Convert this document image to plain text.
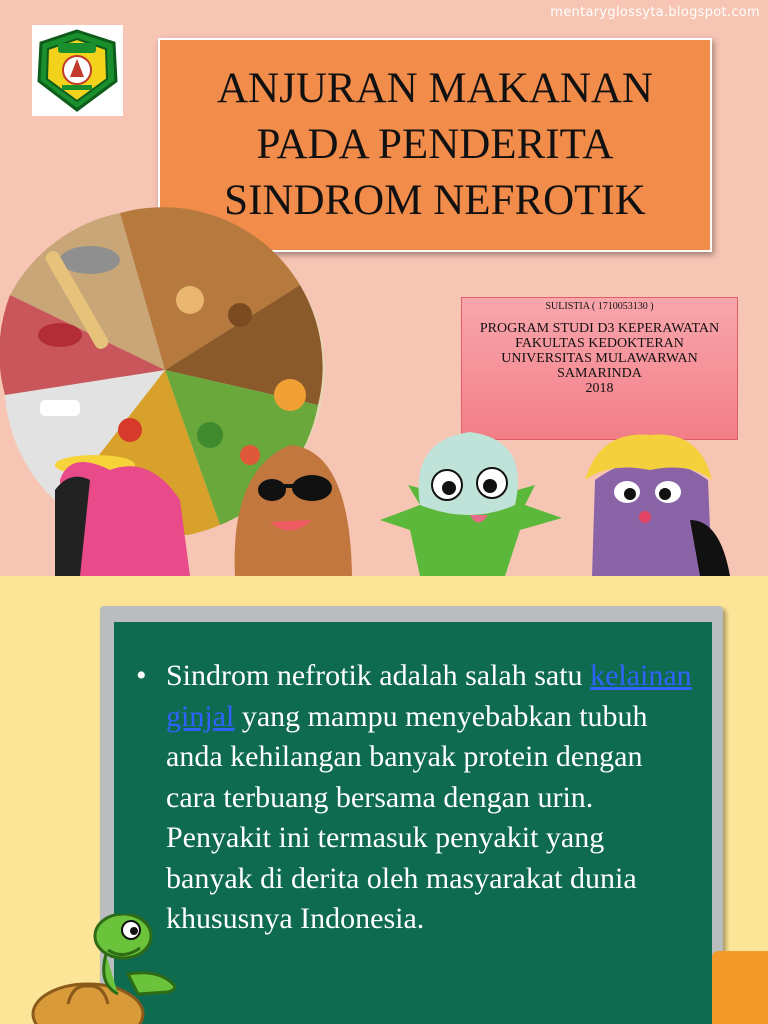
mentaryglossyta.blogspot.com
ANJURAN MAKANAN
PADA PENDERITA
SINDROM NEFROTIK
SULISTIA ( 1710053130 )
PROGRAM STUDI D3 KEPERAWATAN
FAKULTAS KEDOKTERAN
UNIVERSITAS MULAWARWAN
SAMARINDA
2018
• Sindrom nefrotik adalah salah satu kelainan ginjal yang mampu menyebabkan tubuh anda kehilangan banyak protein dengan cara terbuang bersama dengan urin. Penyakit ini termasuk penyakit yang banyak di derita oleh masyarakat dunia khususnya Indonesia.
